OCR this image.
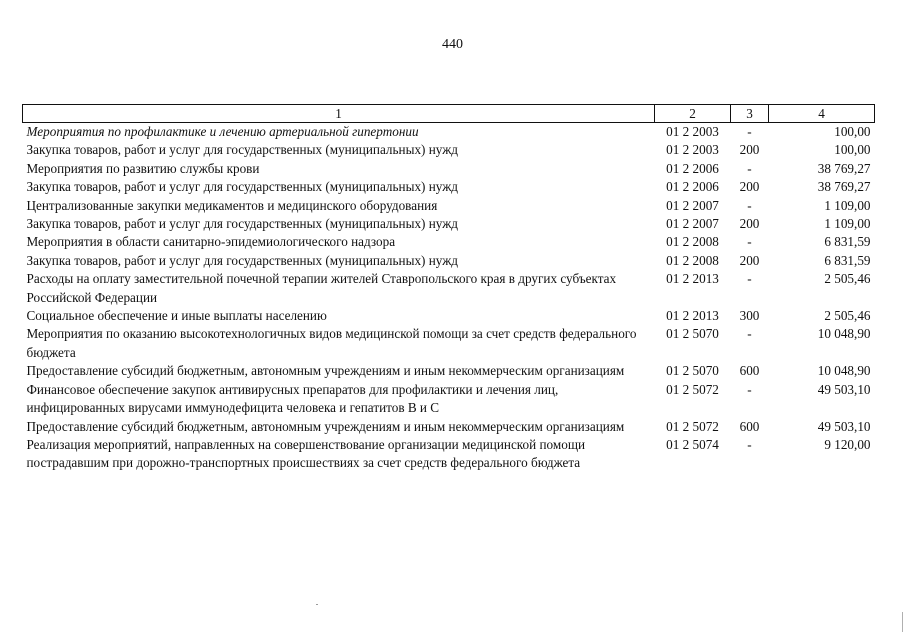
440
1	2	3	4
Мероприятия по профилактике и лечению артериальной гипертонии	01 2 2003	-	100,00
Закупка товаров, работ и услуг для государственных (муниципальных) нужд	01 2 2003	200	100,00
Мероприятия по развитию службы крови	01 2 2006	-	38 769,27
Закупка товаров, работ и услуг для государственных (муниципальных) нужд	01 2 2006	200	38 769,27
Централизованные закупки медикаментов и медицинского оборудования	01 2 2007	-	1 109,00
Закупка товаров, работ и услуг для государственных (муниципальных) нужд	01 2 2007	200	1 109,00
Мероприятия в области санитарно-эпидемиологического надзора	01 2 2008	-	6 831,59
Закупка товаров, работ и услуг для государственных (муниципальных) нужд	01 2 2008	200	6 831,59
Расходы на оплату заместительной почечной терапии жителей Ставропольского края в других субъектах Российской Федерации	01 2 2013	-	2 505,46
Социальное обеспечение и иные выплаты населению	01 2 2013	300	2 505,46
Мероприятия по оказанию высокотехнологичных видов медицинской помощи за счет средств федерального бюджета	01 2 5070	-	10 048,90
Предоставление субсидий бюджетным, автономным учреждениям и иным некоммерческим организациям	01 2 5070	600	10 048,90
Финансовое обеспечение закупок антивирусных препаратов для профилактики и лечения лиц, инфицированных вирусами иммунодефицита человека и гепатитов В и С	01 2 5072	-	49 503,10
Предоставление субсидий бюджетным, автономным учреждениям и иным некоммерческим организациям	01 2 5072	600	49 503,10
Реализация мероприятий, направленных на совершенствование организации медицинской помощи пострадавшим при дорожно-транспортных происшествиях за счет средств федерального бюджета	01 2 5074	-	9 120,00
